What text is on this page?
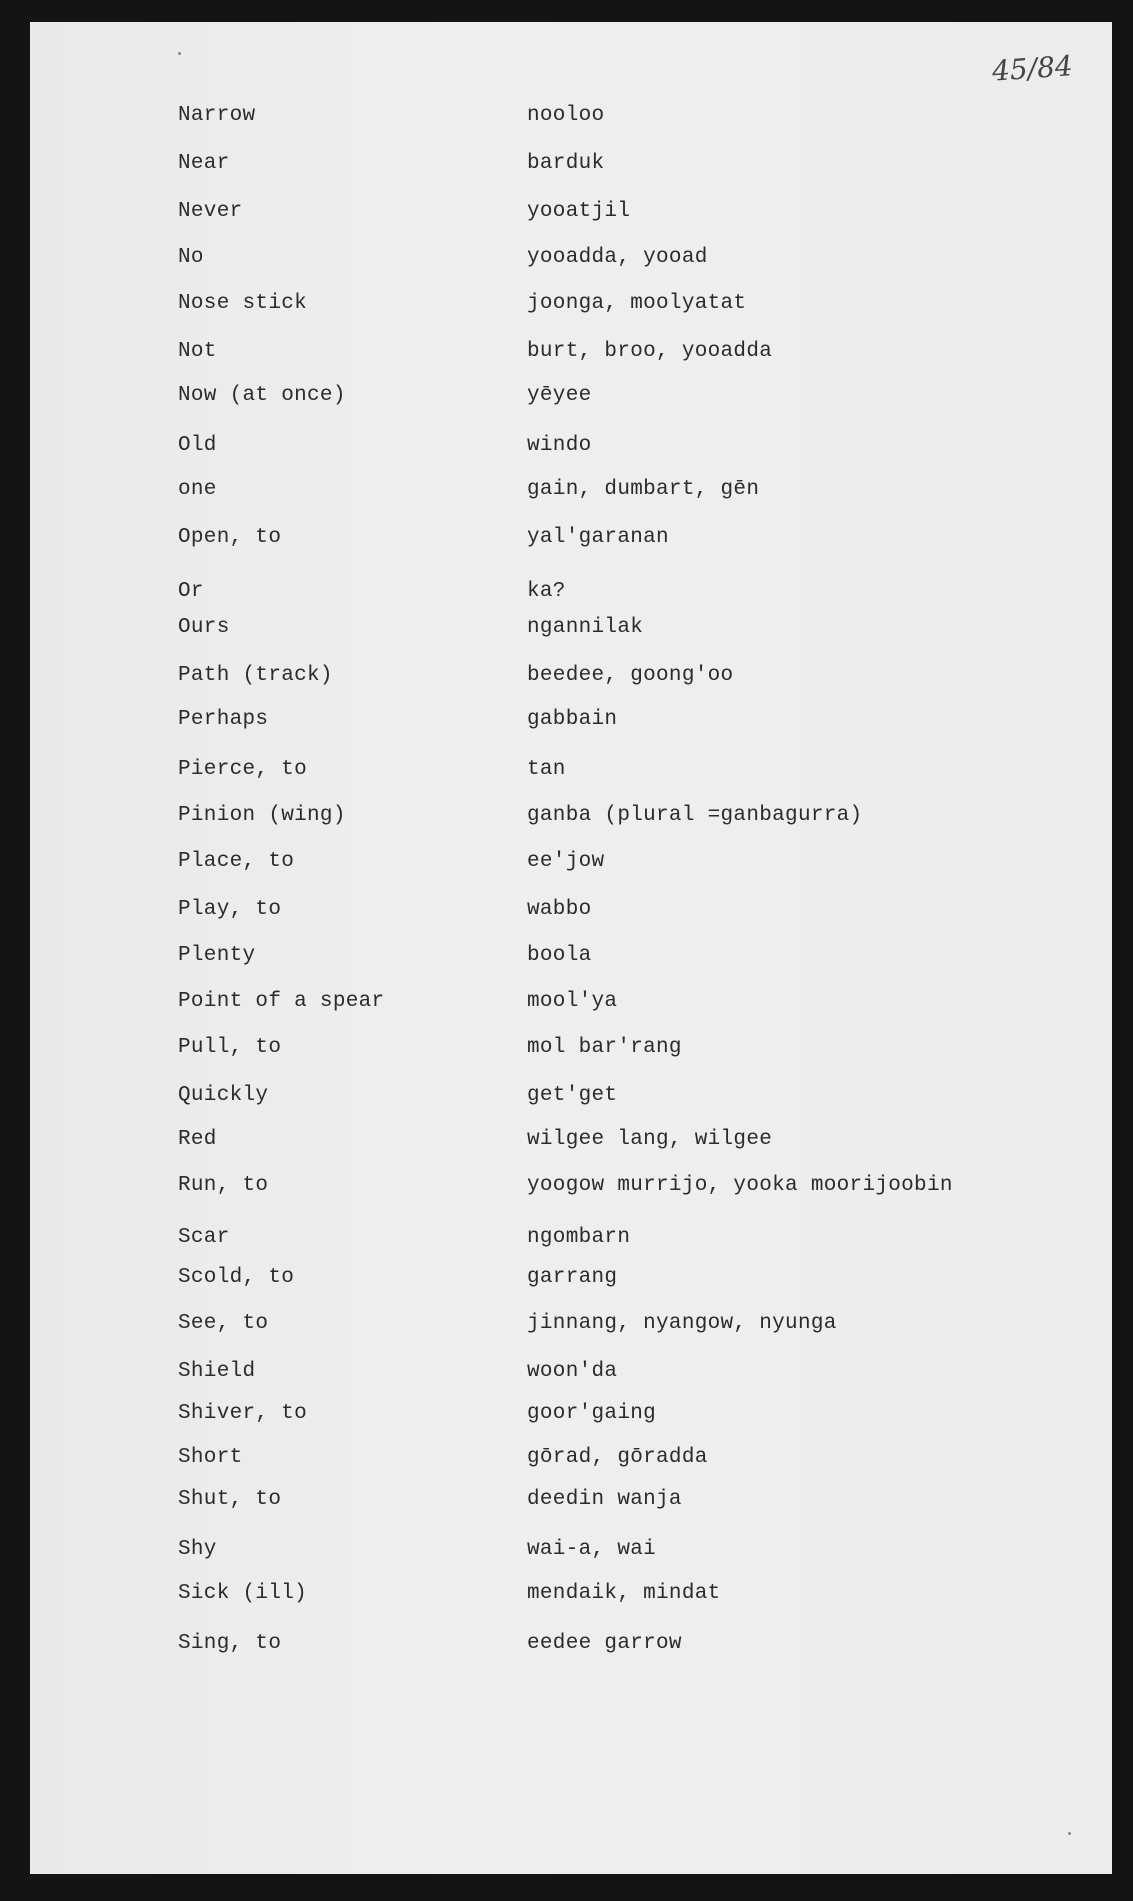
45/84
Narrow	nooloo
Near	barduk
Never	yooatjil
No	yooadda, yooad
Nose stick	joonga, moolyatat
Not	burt, broo, yooadda
Now (at once)	yēyee
Old	windo
one	gain, dumbart, gēn
Open, to	yal'garanan
Or	ka?
Ours	ngannilak
Path (track)	beedee, goong'oo
Perhaps	gabbain
Pierce, to	tan
Pinion (wing)	ganba (plural =ganbagurra)
Place, to	ee'jow
Play, to	wabbo
Plenty	boola
Point of a spear	mool'ya
Pull, to	mol bar'rang
Quickly	get'get
Red	wilgee lang, wilgee
Run, to	yoogow murrijo, yooka moorijoobin
Scar	ngombarn
Scold, to	garrang
See, to	jinnang, nyangow, nyunga
Shield	woon'da
Shiver, to	goor'gaing
Short	gōrad, gōradda
Shut, to	deedin wanja
Shy	wai-a, wai
Sick (ill)	mendaik, mindat
Sing, to	eedee garrow
